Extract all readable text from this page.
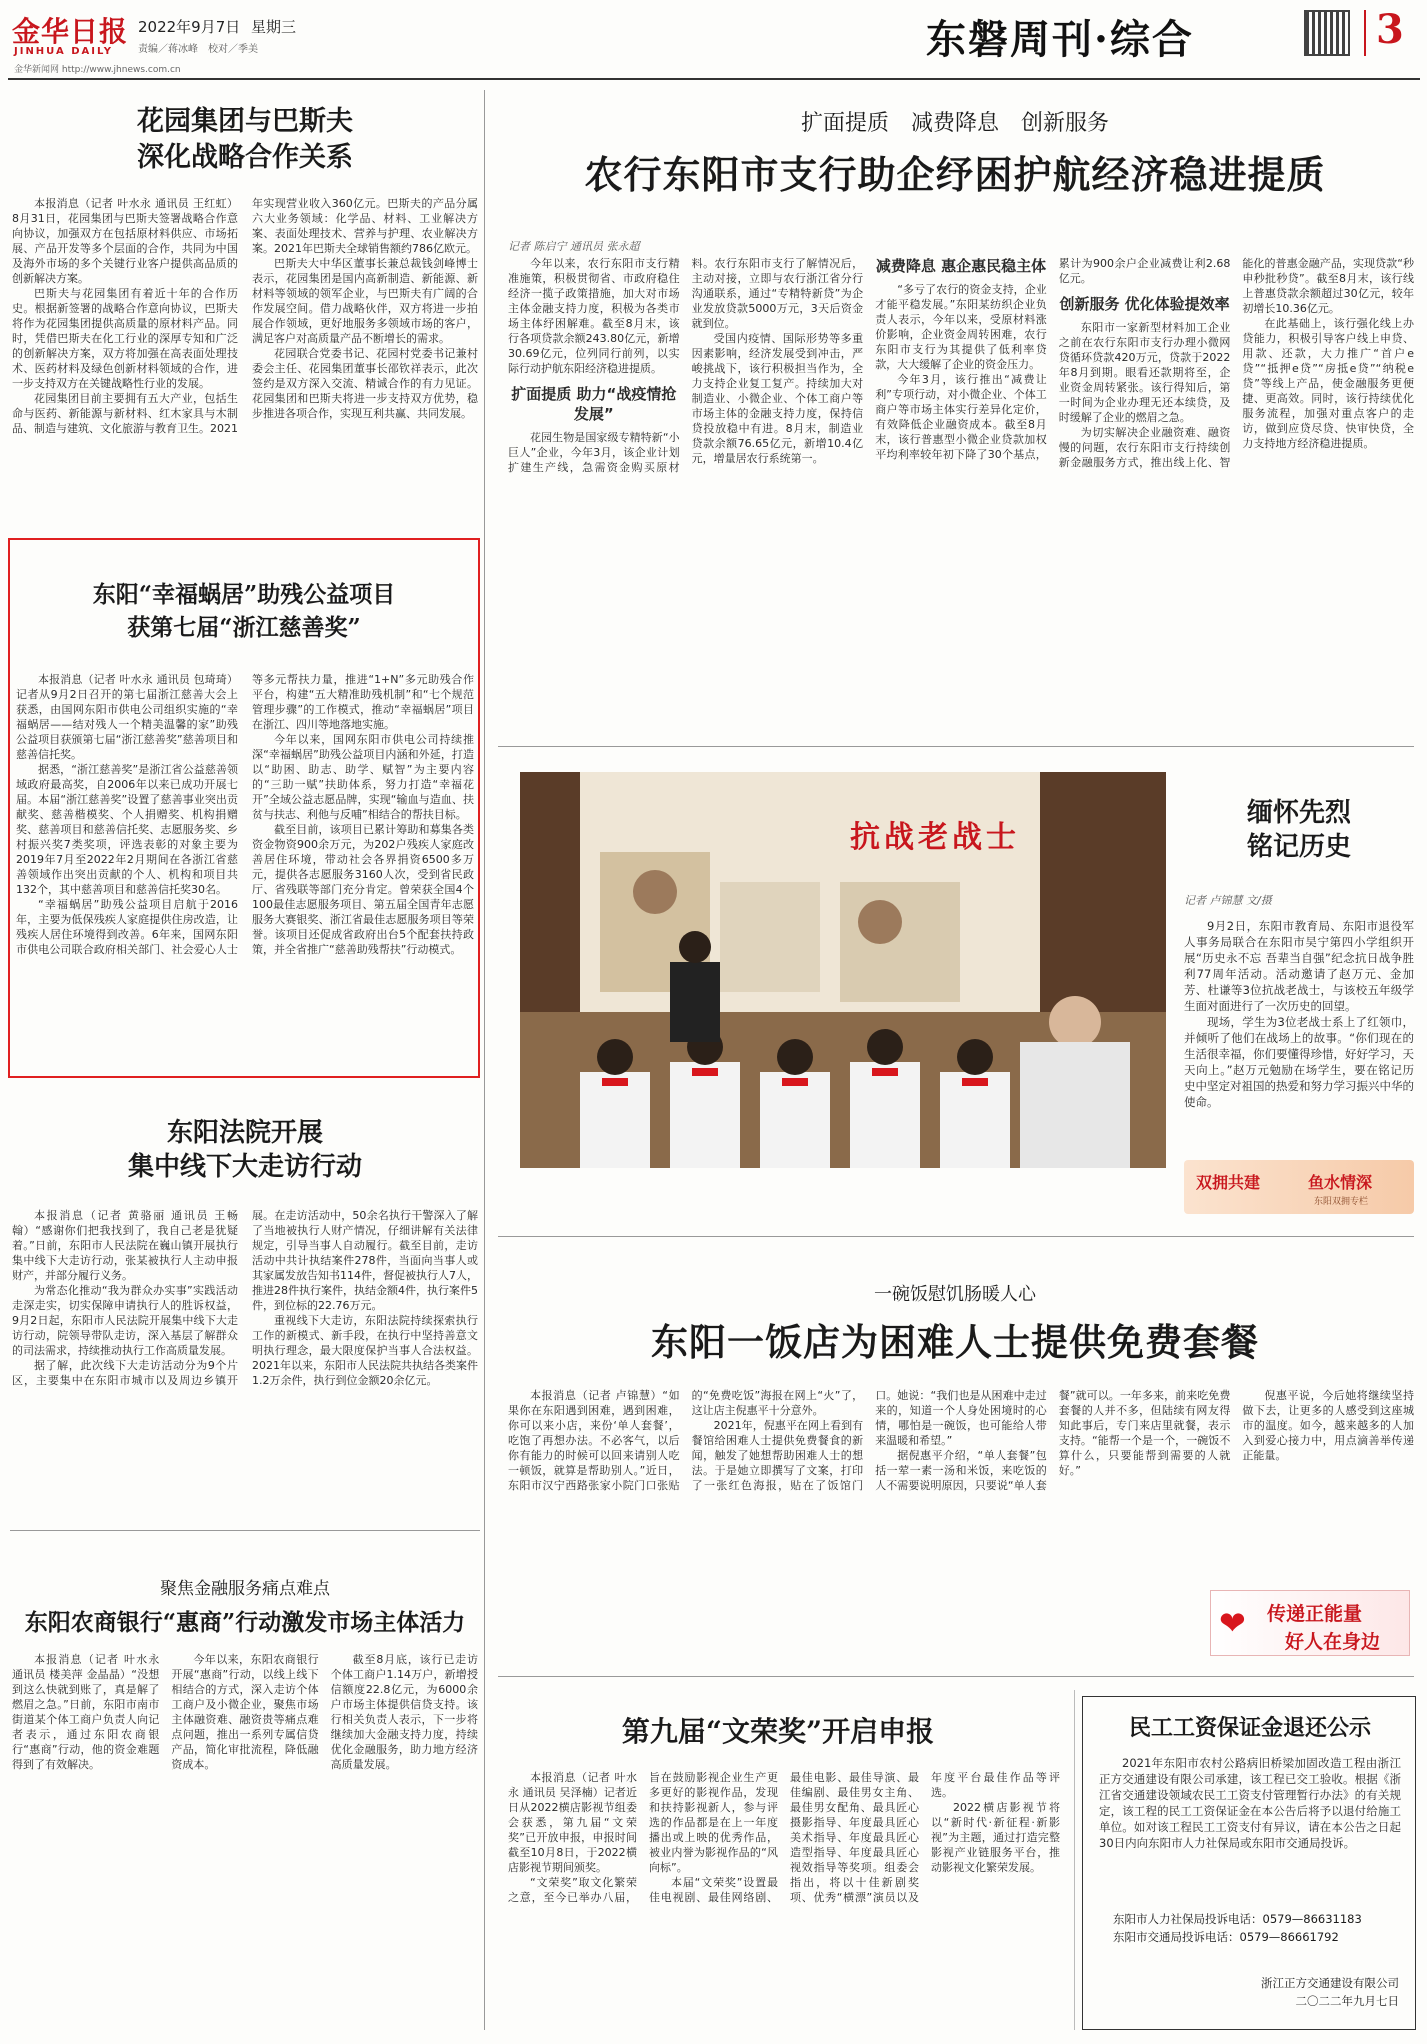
金华日报
JINHUA DAILY
2022年9月7日 星期三
责编／蒋冰峰　校对／季美
金华新闻网 http://www.jhnews.com.cn
东磐周刊·综合	3
花园集团与巴斯夫
深化战略合作关系

本报消息（记者 叶水永 通讯员 王红虹）8月31日，花园集团与巴斯夫签署战略合作意向协议，加强双方在包括原材料供应、市场拓展、产品开发等多个层面的合作，共同为中国及海外市场的多个关键行业客户提供高品质的创新解决方案。

巴斯夫与花园集团有着近十年的合作历史。根据新签署的战略合作意向协议，巴斯夫将作为花园集团提供高质量的原材料产品。同时，凭借巴斯夫在化工行业的深厚专知和广泛的创新解决方案，双方将加强在高表面处理技术、医药材料及绿色创新材料领域的合作，进一步支持双方在关键战略性行业的发展。

花园集团目前主要拥有五大产业，包括生命与医药、新能源与新材料、红木家具与木制品、制造与建筑、文化旅游与教育卫生。2021年实现营业收入360亿元。巴斯夫的产品分属六大业务领域：化学品、材料、工业解决方案、表面处理技术、营养与护理、农业解决方案。2021年巴斯夫全球销售额约786亿欧元。

巴斯夫大中华区董事长兼总裁钱剑峰博士表示，花园集团是国内高新制造、新能源、新材料等领域的领军企业，与巴斯夫有广阔的合作发展空间。借力战略伙伴，双方将进一步拍展合作领域，更好地服务多领域市场的客户，满足客户对高质量产品不断增长的需求。

花园联合党委书记、花园村党委书记兼村委会主任、花园集团董事长邵钦祥表示，此次签约是双方深入交流、精诚合作的有力见证。花园集团和巴斯夫将进一步支持双方优势，稳步推进各项合作，实现互利共赢、共同发展。

东阳“幸福蜗居”助残公益项目
获第七届“浙江慈善奖”

本报消息（记者 叶水永 通讯员 包琦琦）记者从9月2日召开的第七届浙江慈善大会上获悉，由国网东阳市供电公司组织实施的“幸福蜗居——结对残人一个精美温馨的家”助残公益项目获颁第七届“浙江慈善奖”慈善项目和慈善信托奖。

据悉，“浙江慈善奖”是浙江省公益慈善领域政府最高奖，自2006年以来已成功开展七届。本届“浙江慈善奖”设置了慈善事业突出贡献奖、慈善楷模奖、个人捐赠奖、机构捐赠奖、慈善项目和慈善信托奖、志愿服务奖、乡村振兴奖7类奖项，评选表彰的对象主要为2019年7月至2022年2月期间在各浙江省慈善领域作出突出贡献的个人、机构和项目共132个，其中慈善项目和慈善信托奖30名。

“幸福蜗居”助残公益项目启航于2016年，主要为低保残疾人家庭提供住房改造，让残疾人居住环境得到改善。6年来，国网东阳市供电公司联合政府相关部门、社会爱心人士等多元帮扶力量，推进“1+N”多元助残合作平台，构建“五大精准助残机制”和“七个规范管理步骤”的工作模式，推动“幸福蜗居”项目在浙江、四川等地落地实施。

今年以来，国网东阳市供电公司持续推深“幸福蜗居”助残公益项目内涵和外延，打造以“助困、助志、助学、赋智”为主要内容的“三助一赋”扶助体系，努力打造“幸福花开”全域公益志愿品牌，实现“输血与造血、扶贫与扶志、利他与反哺”相结合的帮扶目标。

截至目前，该项目已累计筹助和募集各类资金物资900余万元，为202户残疾人家庭改善居住环境，带动社会各界捐资6500多万元，提供各志愿服务3160人次，受到省民政厅、省残联等部门充分肯定。曾荣获全国4个100最佳志愿服务项目、第五届全国青年志愿服务大赛银奖、浙江省最佳志愿服务项目等荣誉。该项目还促成省政府出台5个配套扶持政策，并全省推广“慈善助残帮扶”行动模式。

东阳法院开展
集中线下大走访行动

本报消息（记者 黄骆丽 通讯员 王畅翰）“感谢你们把我找到了，我自己老是犹疑着。”日前，东阳市人民法院在巍山镇开展执行集中线下大走访行动，张某被执行人主动申报财产，并部分履行义务。

为常态化推动“我为群众办实事”实践活动走深走实，切实保障申请执行人的胜诉权益，9月2日起，东阳市人民法院开展集中线下大走访行动，院领导带队走访，深入基层了解群众的司法需求，持续推动执行工作高质量发展。

据了解，此次线下大走访活动分为9个片区，主要集中在东阳市城市以及周边乡镇开展。在走访活动中，50余名执行干警深入了解了当地被执行人财产情况，仔细讲解有关法律规定，引导当事人自动履行。截至目前，走访活动中共计执结案件278件，当面向当事人或其家属发放告知书114件，督促被执行人7人，推进28件执行案件，执结金额4件，执行案件5件，到位标的22.76万元。

重视线下大走访，东阳法院持续探索执行工作的新模式、新手段，在执行中坚持善意文明执行理念，最大限度保护当事人合法权益。2021年以来，东阳市人民法院共执结各类案件1.2万余件，执行到位金额20余亿元。

聚焦金融服务痛点难点
东阳农商银行“惠商”行动激发市场主体活力

本报消息（记者 叶水永 通讯员 楼美萍 金晶晶）“没想到这么快就到账了，真是解了燃眉之急。”日前，东阳市南市街道某个体工商户负责人向记者表示，通过东阳农商银行“惠商”行动，他的资金难题得到了有效解决。

今年以来，东阳农商银行开展“惠商”行动，以线上线下相结合的方式，深入走访个体工商户及小微企业，聚焦市场主体融资难、融资贵等痛点难点问题，推出一系列专属信贷产品，简化审批流程，降低融资成本。

截至8月底，该行已走访个体工商户1.14万户，新增授信额度22.8亿元，为6000余户市场主体提供信贷支持。该行相关负责人表示，下一步将继续加大金融支持力度，持续优化金融服务，助力地方经济高质量发展。

扩面提质　减费降息　创新服务
农行东阳市支行助企纾困护航经济稳进提质
记者 陈启宁 通讯员 张永超

今年以来，农行东阳市支行精准施策，积极贯彻省、市政府稳住经济一揽子政策措施，加大对市场主体金融支持力度，积极为各类市场主体纾困解难。截至8月末，该行各项贷款余额243.80亿元，新增30.69亿元，位列同行前列，以实际行动护航东阳经济稳进提质。

扩面提质 助力“战疫情抢发展”

花园生物是国家级专精特新“小巨人”企业，今年3月，该企业计划扩建生产线，急需资金购买原材料。农行东阳市支行了解情况后，主动对接，立即与农行浙江省分行沟通联系，通过“专精特新贷”为企业发放贷款5000万元，3天后资金就到位。

受国内疫情、国际形势等多重因素影响，经济发展受到冲击，严峻挑战下，该行积极担当作为，全力支持企业复工复产。持续加大对制造业、小微企业、个体工商户等市场主体的金融支持力度，保持信贷投放稳中有进。8月末，制造业贷款余额76.65亿元，新增10.4亿元，增量居农行系统第一。

减费降息 惠企惠民稳主体

“多亏了农行的资金支持，企业才能平稳发展。”东阳某纺织企业负责人表示，今年以来，受原材料涨价影响，企业资金周转困难，农行东阳市支行为其提供了低利率贷款，大大缓解了企业的资金压力。

今年3月，该行推出“减费让利”专项行动，对小微企业、个体工商户等市场主体实行差异化定价，有效降低企业融资成本。截至8月末，该行普惠型小微企业贷款加权平均利率较年初下降了30个基点，累计为900余户企业减费让利2.68亿元。

创新服务 优化体验提效率

东阳市一家新型材料加工企业之前在农行东阳市支行办理小微网贷循环贷款420万元，贷款于2022年8月到期。眼看还款期将至，企业资金周转紧张。该行得知后，第一时间为企业办理无还本续贷，及时缓解了企业的燃眉之急。

为切实解决企业融资难、融资慢的问题，农行东阳市支行持续创新金融服务方式，推出线上化、智能化的普惠金融产品，实现贷款“秒申秒批秒贷”。截至8月末，该行线上普惠贷款余额超过30亿元，较年初增长10.36亿元。

在此基础上，该行强化线上办贷能力，积极引导客户线上申贷、用款、还款，大力推广“首户e贷”“抵押e贷”“房抵e贷”“纳税e贷”等线上产品，使金融服务更便捷、更高效。同时，该行持续优化服务流程，加强对重点客户的走访，做到应贷尽贷、快审快贷，全力支持地方经济稳进提质。

抗战老战士
缅怀先烈
铭记历史
记者 卢锦慧 文/摄

9月2日，东阳市教育局、东阳市退役军人事务局联合在东阳市吴宁第四小学组织开展“历史永不忘 吾辈当自强”纪念抗日战争胜利77周年活动。活动邀请了赵万元、金加芳、杜谦等3位抗战老战士，与该校五年级学生面对面进行了一次历史的回望。

现场，学生为3位老战士系上了红领巾，并倾听了他们在战场上的故事。“你们现在的生活很幸福，你们要懂得珍惜，好好学习，天天向上。”赵万元勉励在场学生，要在铭记历史中坚定对祖国的热爱和努力学习振兴中华的使命。

双拥共建	鱼水情深
东阳双拥专栏
一碗饭慰饥肠暖人心
东阳一饭店为困难人士提供免费套餐

本报消息（记者 卢锦慧）“如果你在东阳遇到困难，遇到困难，你可以来小店，来份‘单人套餐’，吃饱了再想办法。不必客气，以后你有能力的时候可以回来请别人吃一顿饭，就算是帮助别人。”近日，东阳市汉宁西路张家小院门口张贴的“免费吃饭”海报在网上“火”了，这让店主倪惠平十分意外。

2021年，倪惠平在网上看到有餐馆给困难人士提供免费餐食的新闻，触发了她想帮助困难人士的想法。于是她立即撰写了文案，打印了一张红色海报，贴在了饭馆门口。她说：“我们也是从困难中走过来的，知道一个人身处困境时的心情，哪怕是一碗饭，也可能给人带来温暖和希望。”

据倪惠平介绍，“单人套餐”包括一荤一素一汤和米饭，来吃饭的人不需要说明原因，只要说“单人套餐”就可以。一年多来，前来吃免费套餐的人并不多，但陆续有网友得知此事后，专门来店里就餐，表示支持。“能帮一个是一个，一碗饭不算什么，只要能帮到需要的人就好。”

倪惠平说，今后她将继续坚持做下去，让更多的人感受到这座城市的温度。如今，越来越多的人加入到爱心接力中，用点滴善举传递正能量。

❤	传递正能量
好人在身边
第九届“文荣奖”开启申报

本报消息（记者 叶水永 通讯员 吴泽楠）记者近日从2022横店影视节组委会获悉，第九届“文荣奖”已开放申报，申报时间截至10月8日，于2022横店影视节期间颁奖。

“文荣奖”取文化繁荣之意，至今已举办八届，旨在鼓励影视企业生产更多更好的影视作品，发现和扶持影视新人，参与评选的作品都是在上一年度播出或上映的优秀作品，被业内誉为影视作品的“风向标”。

本届“文荣奖”设置最佳电视剧、最佳网络剧、最佳电影、最佳导演、最佳编剧、最佳男女主角、最佳男女配角、最具匠心摄影指导、年度最具匠心美术指导、年度最具匠心造型指导、年度最具匠心视效指导等奖项。组委会指出，将以十佳新剧奖项、优秀“横漂”演员以及年度平台最佳作品等评选。

2022横店影视节将以“新时代·新征程·新影视”为主题，通过打造完整影视产业链服务平台，推动影视文化繁荣发展。

民工工资保证金退还公示
2021年东阳市农村公路病旧桥梁加固改造工程由浙江正方交通建设有限公司承建，该工程已交工验收。根据《浙江省交通建设领域农民工工资支付管理暂行办法》的有关规定，该工程的民工工资保证金在本公告后将予以退付给施工单位。如对该工程民工工资支付有异议，请在本公告之日起30日内向东阳市人力社保局或东阳市交通局投诉。
东阳市人力社保局投诉电话：0579—86631183
东阳市交通局投诉电话：0579—86661792
浙江正方交通建设有限公司
二〇二二年九月七日
